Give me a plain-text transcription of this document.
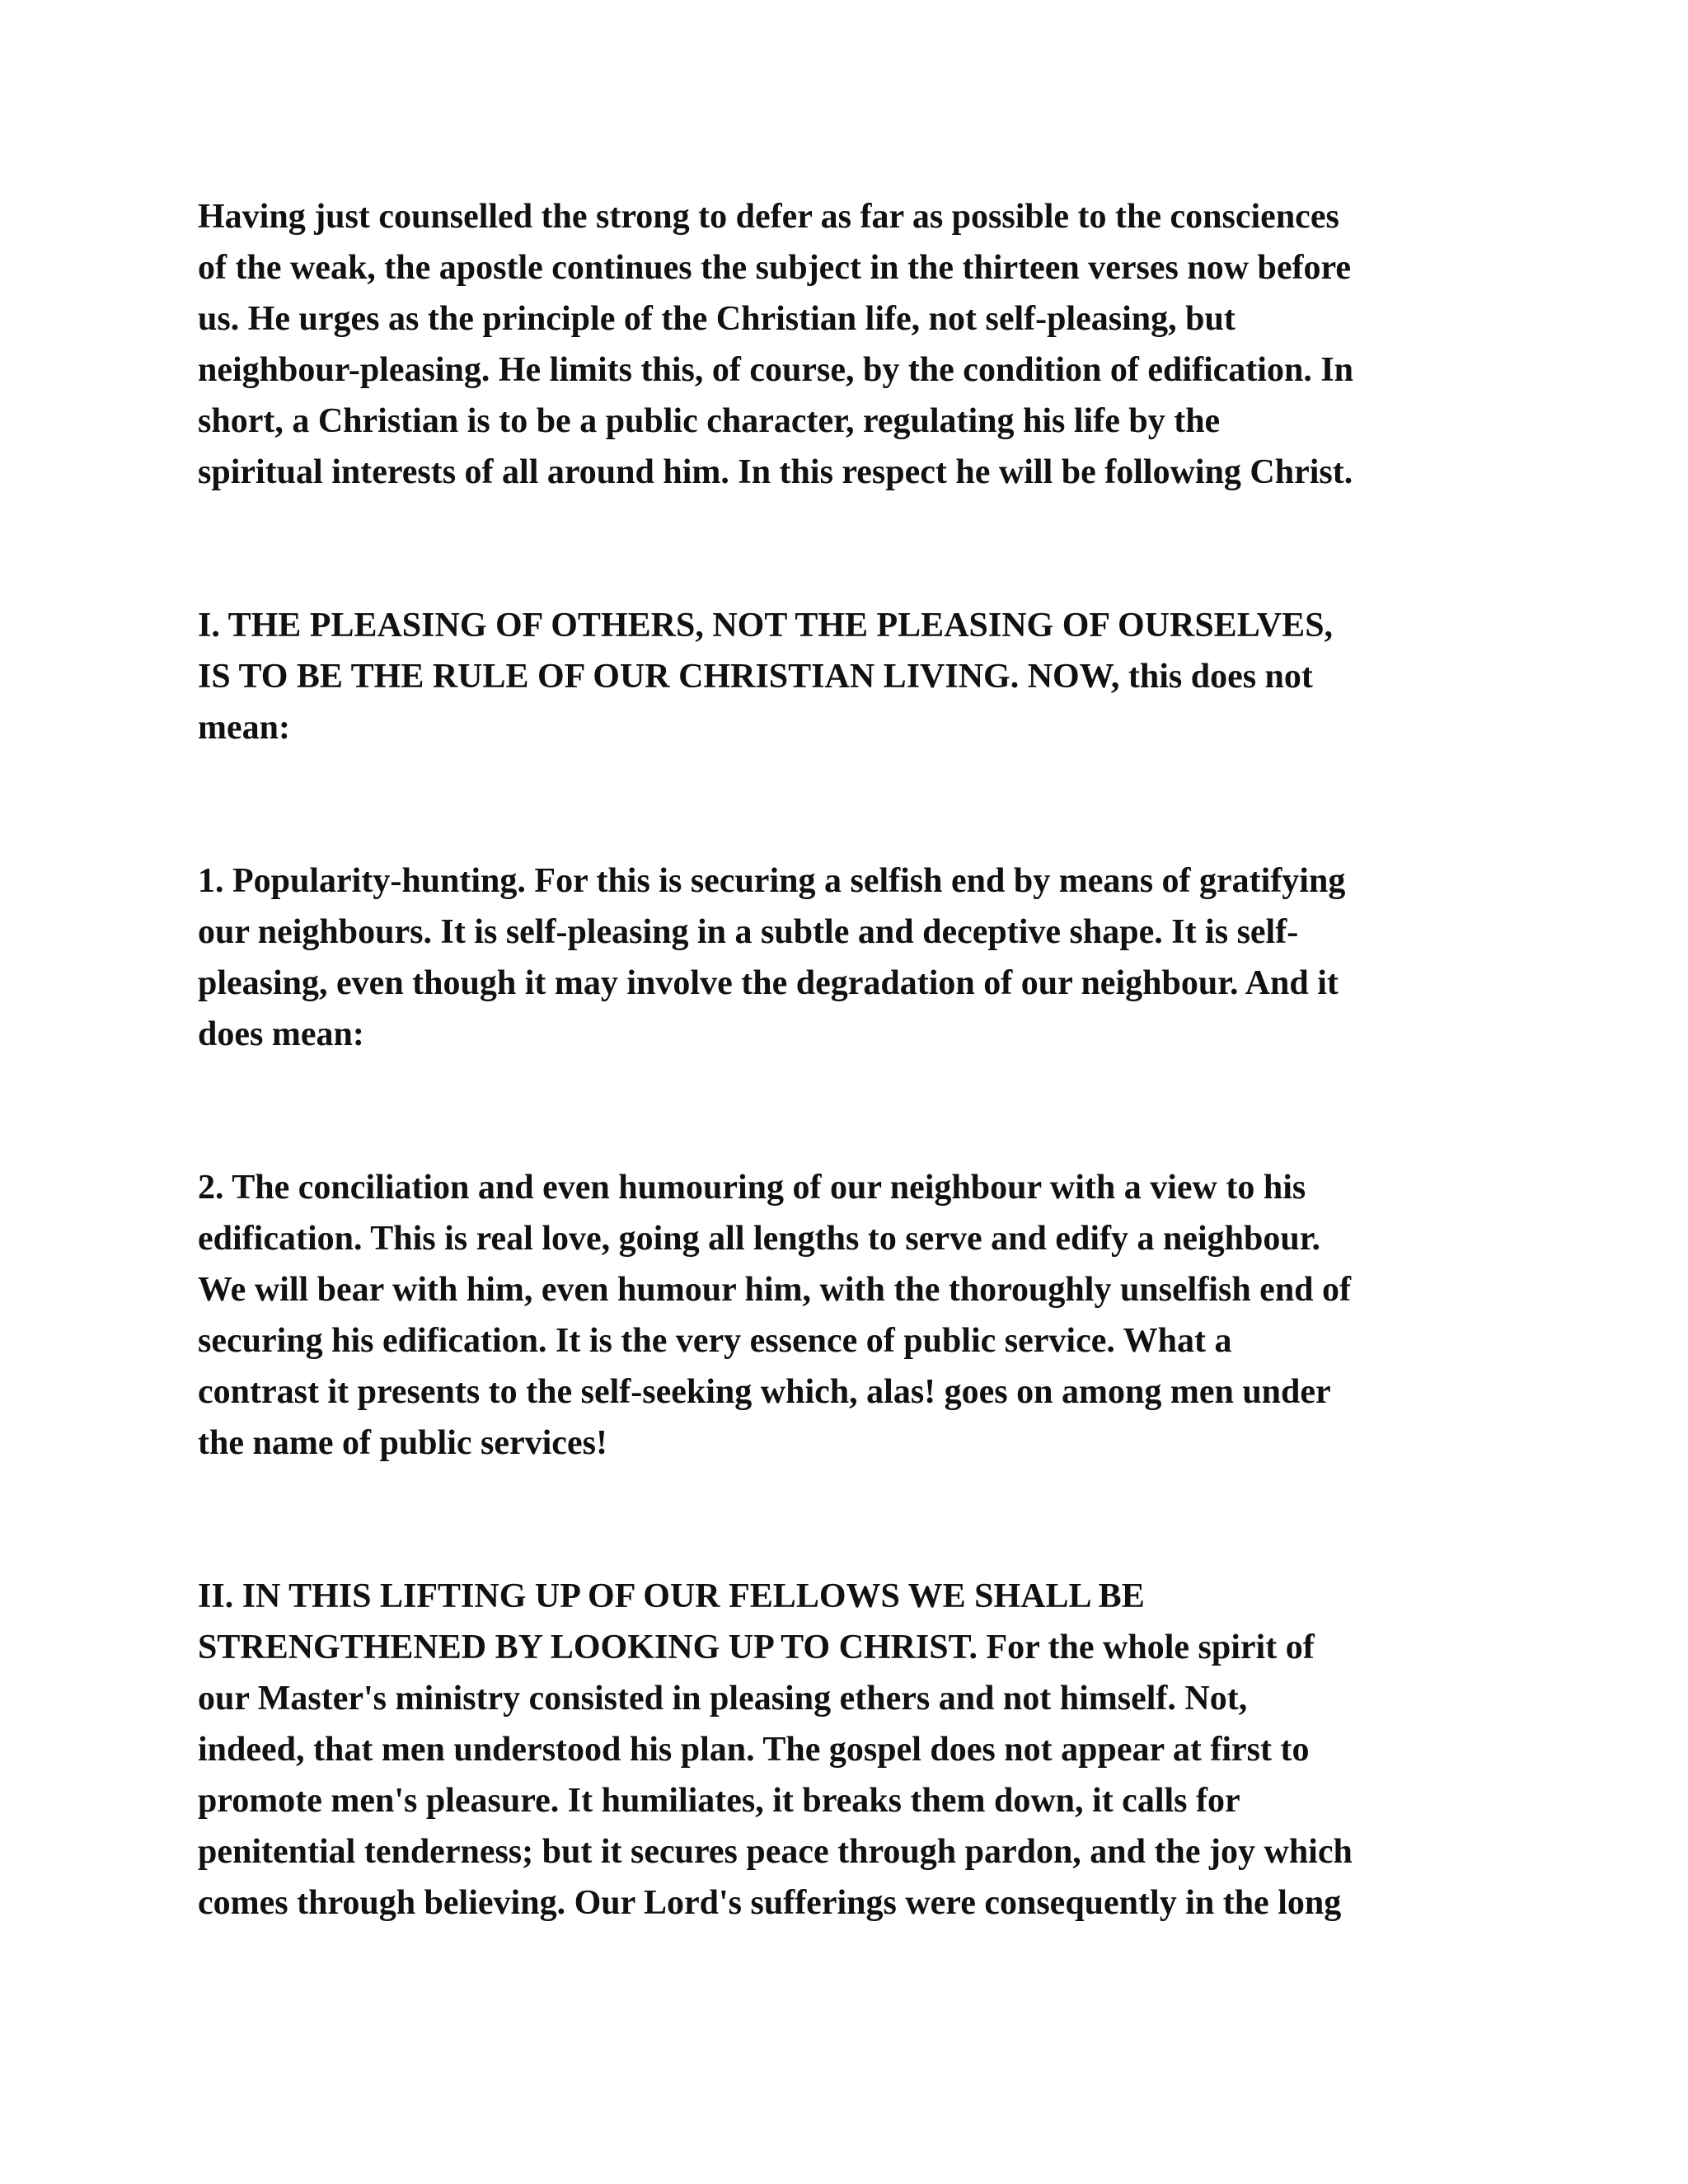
Having just counselled the strong to defer as far as possible to the consciences
of the weak, the apostle continues the subject in the thirteen verses now before
us. He urges as the principle of the Christian life, not self-pleasing, but
neighbour-pleasing. He limits this, of course, by the condition of edification. In
short, a Christian is to be a public character, regulating his life by the
spiritual interests of all around him. In this respect he will be following Christ.

I. THE PLEASING OF OTHERS, NOT THE PLEASING OF OURSELVES,
IS TO BE THE RULE OF OUR CHRISTIAN LIVING. NOW, this does not
mean:

1. Popularity-hunting. For this is securing a selfish end by means of gratifying
our neighbours. It is self-pleasing in a subtle and deceptive shape. It is self-
pleasing, even though it may involve the degradation of our neighbour. And it
does mean:

2. The conciliation and even humouring of our neighbour with a view to his
edification. This is real love, going all lengths to serve and edify a neighbour.
We will bear with him, even humour him, with the thoroughly unselfish end of
securing his edification. It is the very essence of public service. What a
contrast it presents to the self-seeking which, alas! goes on among men under
the name of public services!

II. IN THIS LIFTING UP OF OUR FELLOWS WE SHALL BE
STRENGTHENED BY LOOKING UP TO CHRIST. For the whole spirit of
our Master's ministry consisted in pleasing ethers and not himself. Not,
indeed, that men understood his plan. The gospel does not appear at first to
promote men's pleasure. It humiliates, it breaks them down, it calls for
penitential tenderness; but it secures peace through pardon, and the joy which
comes through believing. Our Lord's sufferings were consequently in the long
